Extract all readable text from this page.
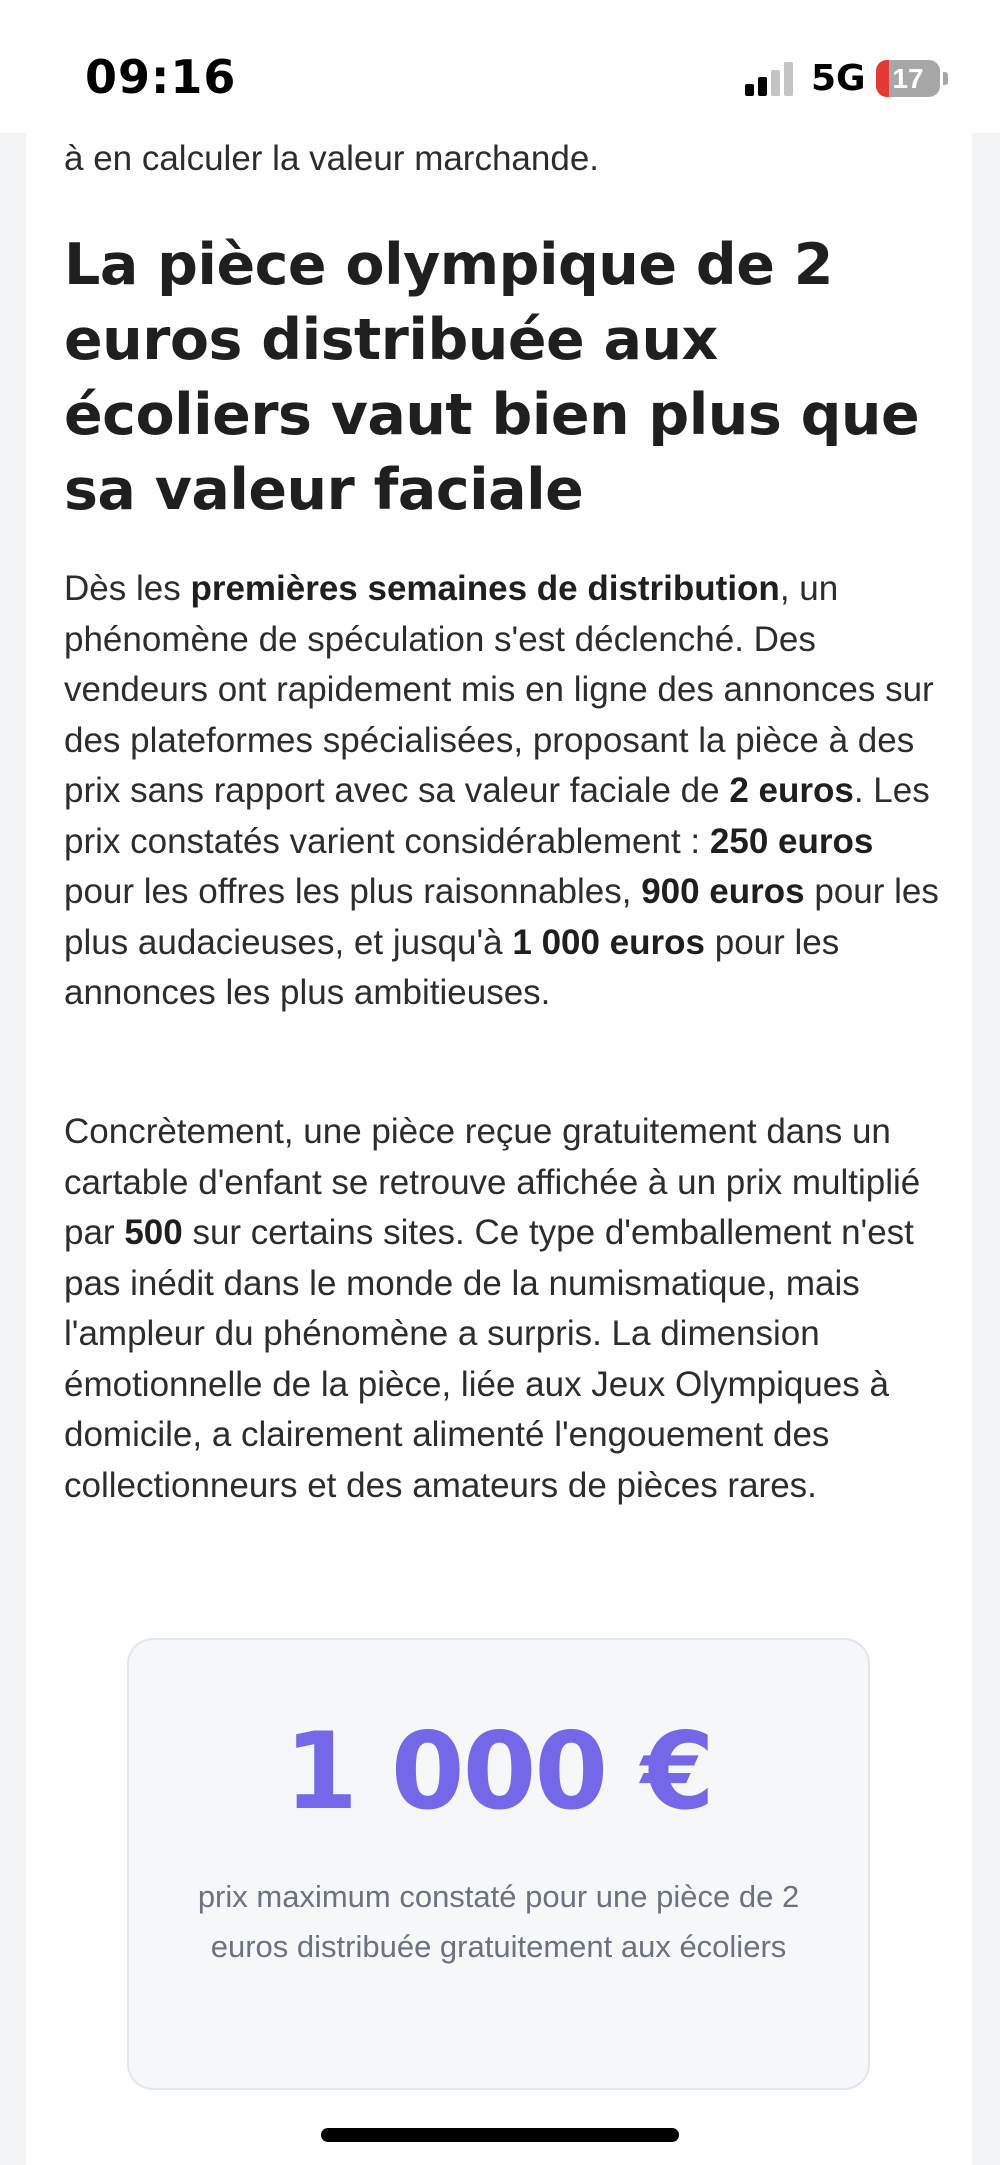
09:16	5G 17
à en calculer la valeur marchande.
La pièce olympique de 2 euros distribuée aux écoliers vaut bien plus que sa valeur faciale

Dès les premières semaines de distribution, un phénomène de spéculation s'est déclenché. Des vendeurs ont rapidement mis en ligne des annonces sur des plateformes spécialisées, proposant la pièce à des prix sans rapport avec sa valeur faciale de 2 euros. Les prix constatés varient considérablement : 250 euros pour les offres les plus raisonnables, 900 euros pour les plus audacieuses, et jusqu'à 1 000 euros pour les annonces les plus ambitieuses.

Concrètement, une pièce reçue gratuitement dans un cartable d'enfant se retrouve affichée à un prix multiplié par 500 sur certains sites. Ce type d'emballement n'est pas inédit dans le monde de la numismatique, mais l'ampleur du phénomène a surpris. La dimension émotionnelle de la pièce, liée aux Jeux Olympiques à domicile, a clairement alimenté l'engouement des collectionneurs et des amateurs de pièces rares.

1 000 €
prix maximum constaté pour une pièce de 2 euros distribuée gratuitement aux écoliers
